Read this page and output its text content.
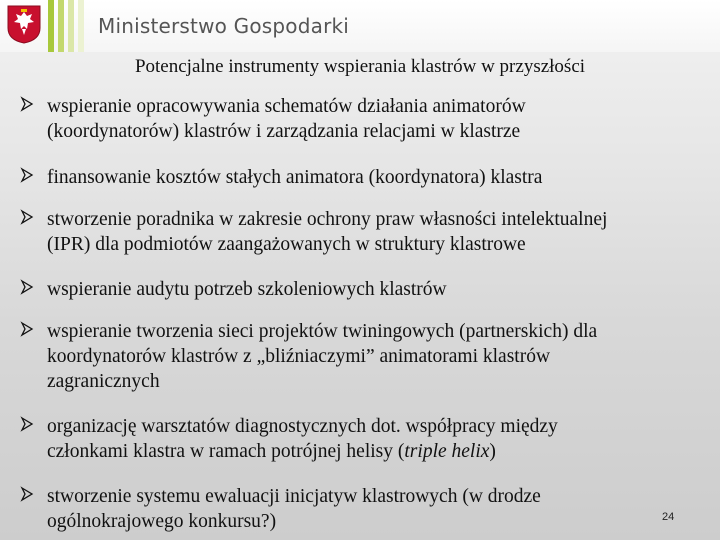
Ministerstwo Gospodarki
Potencjalne instrumenty wspierania klastrów w przyszłości
wspieranie opracowywania schematów działania animatorów
(koordynatorów) klastrów i zarządzania relacjami w klastrze
finansowanie kosztów stałych animatora (koordynatora) klastra
stworzenie poradnika w zakresie ochrony praw własności intelektualnej
(IPR) dla podmiotów zaangażowanych w struktury klastrowe
wspieranie audytu potrzeb szkoleniowych klastrów
wspieranie tworzenia sieci projektów twiningowych (partnerskich) dla
koordynatorów klastrów z „bliźniaczymi” animatorami klastrów
zagranicznych
organizację warsztatów diagnostycznych dot. współpracy między
członkami klastra w ramach potrójnej helisy (triple helix)
stworzenie systemu ewaluacji inicjatyw klastrowych (w drodze
ogólnokrajowego konkursu?)	24
